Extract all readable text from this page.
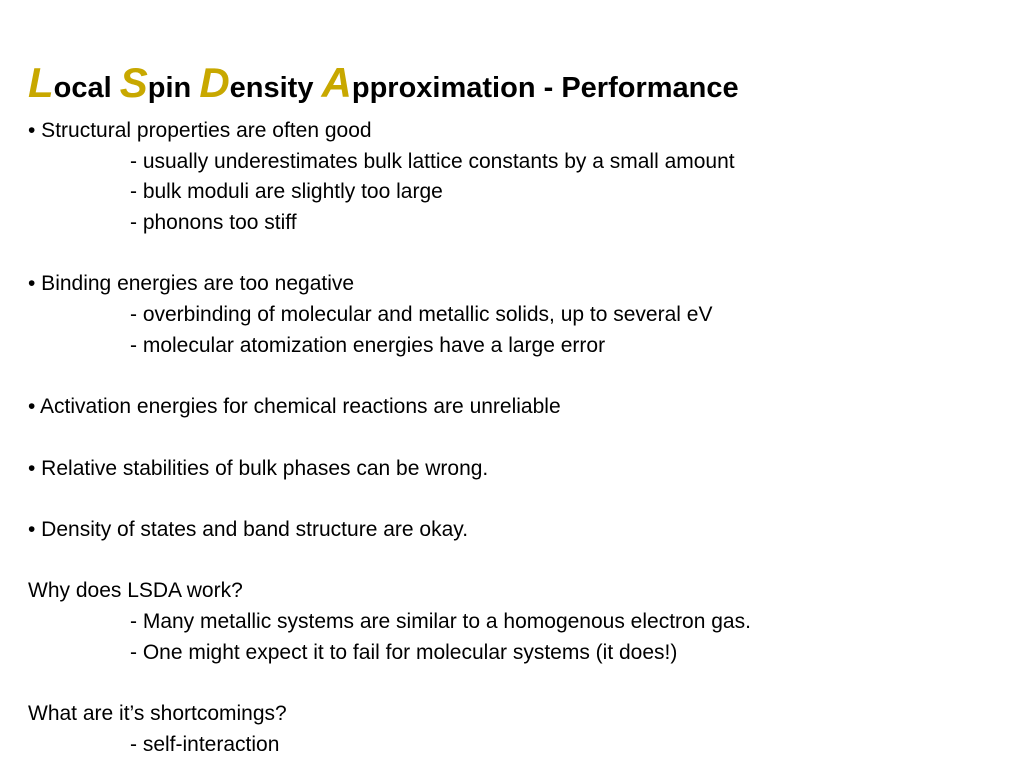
Local Spin Density Approximation - Performance
• Structural properties are often good
- usually underestimates bulk lattice constants by a small amount
- bulk moduli are slightly too large
- phonons too stiff
• Binding energies are too negative
- overbinding of molecular and metallic solids, up to several eV
- molecular atomization energies have a large error
• Activation energies for chemical reactions are unreliable
• Relative stabilities of bulk phases can be wrong.
• Density of states and band structure are okay.
Why does LSDA work?
- Many metallic systems are similar to a homogenous electron gas.
- One might expect it to fail for molecular systems (it does!)
What are it’s shortcomings?
- self-interaction
